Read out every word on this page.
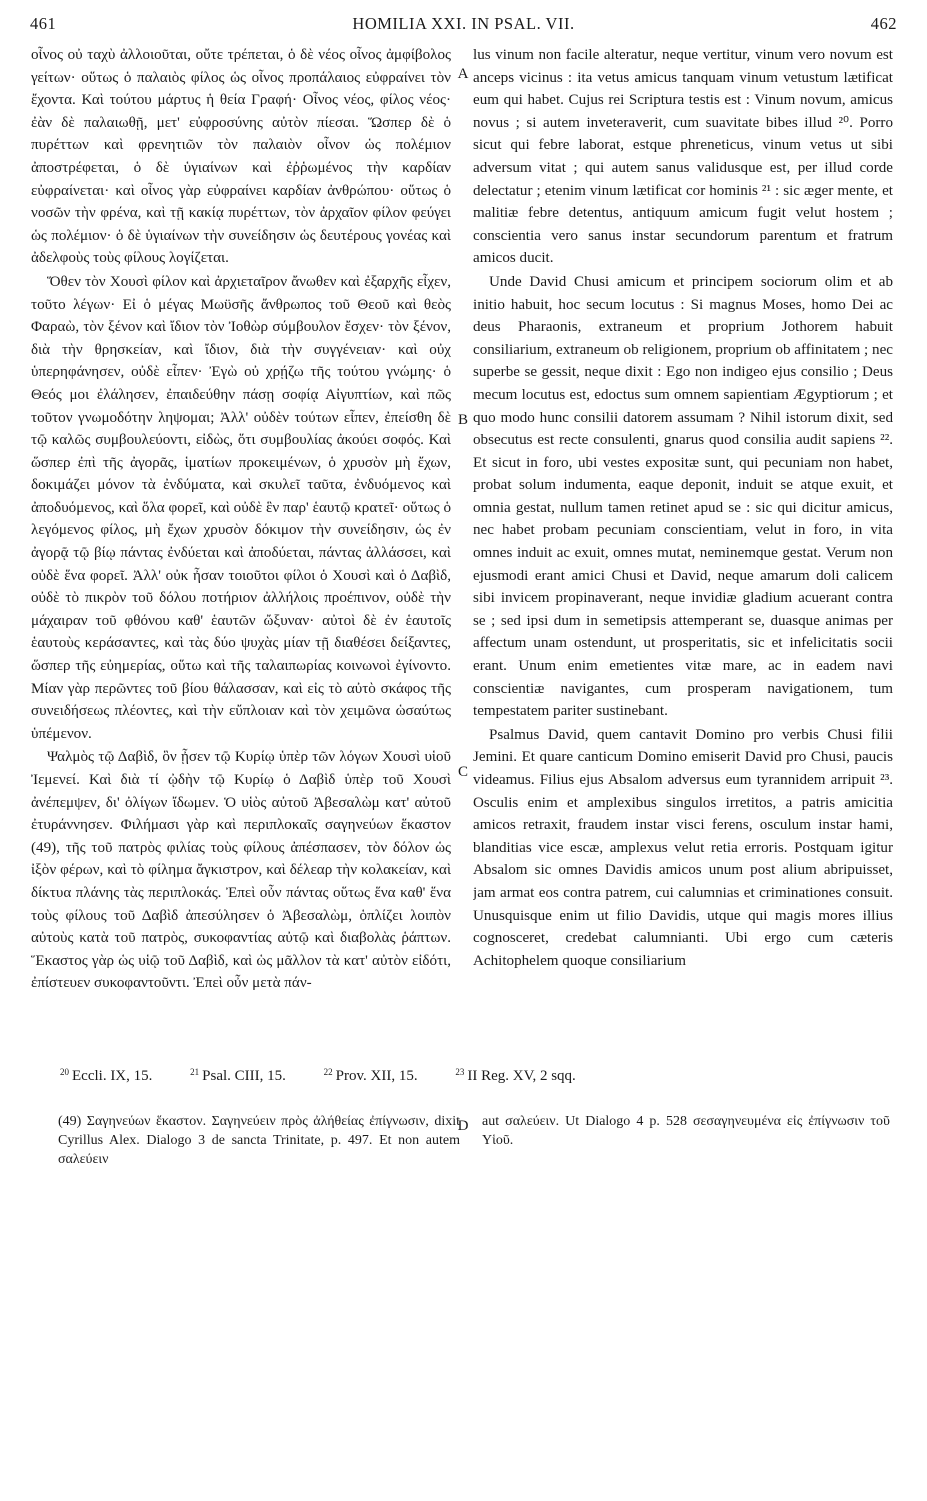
461	HOMILIA XXI. IN PSAL. VII.	462

οἶνος οὐ ταχὺ ἀλλοιοῦται, οὔτε τρέπεται, ὁ δὲ νέος οἶνος ἀμφίβολος γείτων· οὕτως ὁ παλαιὸς φίλος ὡς οἶνος προπάλαιος εὐφραίνει τὸν ἔχοντα. Καὶ τούτου μάρτυς ἡ θεία Γραφή· Οἶνος νέος, φίλος νέος· ἐὰν δὲ παλαιωθῇ, μετ' εὐφροσύνης αὐτὸν πίεσαι. Ὥσπερ δὲ ὁ πυρέττων καὶ φρενητιῶν τὸν παλαιὸν οἶνον ὡς πολέμιον ἀποστρέφεται, ὁ δὲ ὑγιαίνων καὶ ἐῤῥωμένος τὴν καρδίαν εὐφραίνεται· καὶ οἶνος γὰρ εὐφραίνει καρδίαν ἀνθρώπου· οὕτως ὁ νοσῶν τὴν φρένα, καὶ τῇ κακίᾳ πυρέττων, τὸν ἀρχαῖον φίλον φεύγει ὡς πολέμιον· ὁ δὲ ὑγιαίνων τὴν συνείδησιν ὡς δευτέρους γονέας καὶ ἀδελφοὺς τοὺς φίλους λογίζεται.

Ὅθεν τὸν Χουσὶ φίλον καὶ ἀρχιεταῖρον ἄνωθεν καὶ ἐξαρχῆς εἶχεν, τοῦτο λέγων· Εἰ ὁ μέγας Μωϋσῆς ἄνθρωπος τοῦ Θεοῦ καὶ θεὸς Φαραὼ, τὸν ξένον καὶ ἴδιον τὸν Ἰοθὼρ σύμβουλον ἔσχεν· τὸν ξένον, διὰ τὴν θρησκείαν, καὶ ἴδιον, διὰ τὴν συγγένειαν· καὶ οὐχ ὑπερηφάνησεν, οὐδὲ εἶπεν· Ἐγὼ οὐ χρῄζω τῆς τούτου γνώμης· ὁ Θεός μοι ἐλάλησεν, ἐπαιδεύθην πάσῃ σοφίᾳ Αἰγυπτίων, καὶ πῶς τοῦτον γνωμοδότην ληψομαι; Ἀλλ' οὐδὲν τούτων εἶπεν, ἐπείσθη δὲ τῷ καλῶς συμβουλεύοντι, εἰδὼς, ὅτι συμβουλίας ἀκούει σοφός. Καὶ ὥσπερ ἐπὶ τῆς ἀγορᾶς, ἱματίων προκειμένων, ὁ χρυσὸν μὴ ἔχων, δοκιμάζει μόνον τὰ ἐνδύματα, καὶ σκυλεῖ ταῦτα, ἐνδυόμενος καὶ ἀποδυόμενος, καὶ ὅλα φορεῖ, καὶ οὐδὲ ἓν παρ' ἑαυτῷ κρατεῖ· οὕτως ὁ λεγόμενος φίλος, μὴ ἔχων χρυσὸν δόκιμον τὴν συνείδησιν, ὡς ἐν ἀγορᾷ τῷ βίῳ πάντας ἐνδύεται καὶ ἀποδύεται, πάντας ἀλλάσσει, καὶ οὐδὲ ἕνα φορεῖ. Ἀλλ' οὐκ ἦσαν τοιοῦτοι φίλοι ὁ Χουσὶ καὶ ὁ Δαβὶδ, οὐδὲ τὸ πικρὸν τοῦ δόλου ποτήριον ἀλλήλοις προέπινον, οὐδὲ τὴν μάχαιραν τοῦ φθόνου καθ' ἑαυτῶν ὤξυναν· αὐτοὶ δὲ ἐν ἑαυτοῖς ἑαυτοὺς κεράσαντες, καὶ τὰς δύο ψυχὰς μίαν τῇ διαθέσει δείξαντες, ὥσπερ τῆς εὐημερίας, οὕτω καὶ τῆς ταλαιπωρίας κοινωνοὶ ἐγίνοντο. Μίαν γὰρ περῶντες τοῦ βίου θάλασσαν, καὶ εἰς τὸ αὐτὸ σκάφος τῆς συνειδήσεως πλέοντες, καὶ τὴν εὔπλοιαν καὶ τὸν χειμῶνα ὡσαύτως ὑπέμενον.

Ψαλμὸς τῷ Δαβὶδ, ὃν ᾖσεν τῷ Κυρίῳ ὑπὲρ τῶν λόγων Χουσὶ υἱοῦ Ἰεμενεί. Καὶ διὰ τί ᾠδὴν τῷ Κυρίῳ ὁ Δαβὶδ ὑπὲρ τοῦ Χουσὶ ἀνέπεμψεν, δι' ὀλίγων ἴδωμεν. Ὁ υἱὸς αὐτοῦ Ἀβεσαλὼμ κατ' αὐτοῦ ἐτυράννησεν. Φιλήμασι γὰρ καὶ περιπλοκαῖς σαγηνεύων ἕκαστον (49), τῆς τοῦ πατρὸς φιλίας τοὺς φίλους ἀπέσπασεν, τὸν δόλον ὡς ἰξὸν φέρων, καὶ τὸ φίλημα ἄγκιστρον, καὶ δέλεαρ τὴν κολακείαν, καὶ δίκτυα πλάνης τὰς περιπλοκάς. Ἐπεὶ οὖν πάντας οὕτως ἕνα καθ' ἕνα τοὺς φίλους τοῦ Δαβὶδ ἀπεσύλησεν ὁ Ἀβεσαλὼμ, ὁπλίζει λοιπὸν αὐτοὺς κατὰ τοῦ πατρὸς, συκοφαντίας αὐτῷ καὶ διαβολὰς ῥάπτων. Ἕκαστος γὰρ ὡς υἱῷ τοῦ Δαβὶδ, καὶ ὡς μᾶλλον τὰ κατ' αὐτὸν εἰδότι, ἐπίστευεν συκοφαντοῦντι. Ἐπεὶ οὖν μετὰ πάν-

A
B
C
D

lus vinum non facile alteratur, neque vertitur, vinum vero novum est anceps vicinus : ita vetus amicus tanquam vinum vetustum lætificat eum qui habet. Cujus rei Scriptura testis est : Vinum novum, amicus novus ; si autem inveteraverit, cum suavitate bibes illud ²⁰. Porro sicut qui febre laborat, estque phreneticus, vinum vetus ut sibi adversum vitat ; qui autem sanus validusque est, per illud corde delectatur ; etenim vinum lætificat cor hominis ²¹ : sic æger mente, et malitiæ febre detentus, antiquum amicum fugit velut hostem ; conscientia vero sanus instar secundorum parentum et fratrum amicos ducit.

Unde David Chusi amicum et principem sociorum olim et ab initio habuit, hoc secum locutus : Si magnus Moses, homo Dei ac deus Pharaonis, extraneum et proprium Jothorem habuit consiliarium, extraneum ob religionem, proprium ob affinitatem ; nec superbe se gessit, neque dixit : Ego non indigeo ejus consilio ; Deus mecum locutus est, edoctus sum omnem sapientiam Ægyptiorum ; et quo modo hunc consilii datorem assumam ? Nihil istorum dixit, sed obsecutus est recte consulenti, gnarus quod consilia audit sapiens ²². Et sicut in foro, ubi vestes expositæ sunt, qui pecuniam non habet, probat solum indumenta, eaque deponit, induit se atque exuit, et omnia gestat, nullum tamen retinet apud se : sic qui dicitur amicus, nec habet probam pecuniam conscientiam, velut in foro, in vita omnes induit ac exuit, omnes mutat, neminemque gestat. Verum non ejusmodi erant amici Chusi et David, neque amarum doli calicem sibi invicem propinaverant, neque invidiæ gladium acuerant contra se ; sed ipsi dum in semetipsis attemperant se, duasque animas per affectum unam ostendunt, ut prosperitatis, sic et infelicitatis socii erant. Unum enim emetientes vitæ mare, ac in eadem navi conscientiæ navigantes, cum prosperam navigationem, tum tempestatem pariter sustinebant.

Psalmus David, quem cantavit Domino pro verbis Chusi filii Jemini. Et quare canticum Domino emiserit David pro Chusi, paucis videamus. Filius ejus Absalom adversus eum tyrannidem arripuit ²³. Osculis enim et amplexibus singulos irretitos, a patris amicitia amicos retraxit, fraudem instar visci ferens, osculum instar hami, blanditias vice escæ, amplexus velut retia erroris. Postquam igitur Absalom sic omnes Davidis amicos unum post alium abripuisset, jam armat eos contra patrem, cui calumnias et criminationes consuit. Unusquisque enim ut filio Davidis, utque qui magis mores illius cognosceret, credebat calumnianti. Ubi ergo cum cæteris Achitophelem quoque consiliarium

$^{20}$ Eccli. IX, 15.	$^{21}$ Psal. CIII, 15.	$^{22}$ Prov. XII, 15.	$^{23}$ II Reg. XV, 2 sqq.
(49) Σαγηνεύων ἕκαστον. Σαγηνεύειν πρὸς ἀλήθείας ἐπίγνωσιν, dixit Cyrillus Alex. Dialogo 3 de sancta Trinitate, p. 497. Et non autem σαλεύειν
aut σαλεύειν. Ut Dialogo 4 p. 528 σεσαγηνευμένα εἰς ἐπίγνωσιν τοῦ Υἱοῦ.
